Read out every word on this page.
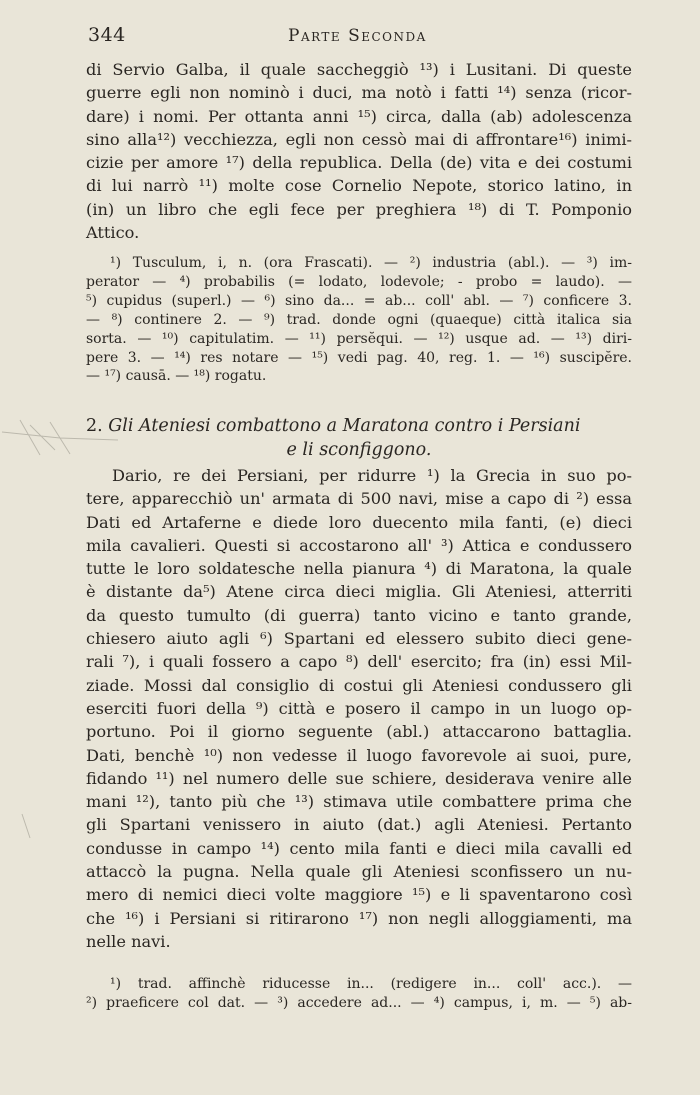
344	Parte Seconda
di Servio Galba, il quale saccheggiò ¹³) i Lusitani. Di queste
guerre egli non nominò i duci, ma notò i fatti ¹⁴) senza (ricor-
dare) i nomi. Per ottanta anni ¹⁵) circa, dalla (ab) adolescenza
sino alla¹²) vecchiezza, egli non cessò mai di affrontare¹⁶) inimi-
cizie per amore ¹⁷) della republica. Della (de) vita e dei costumi
di lui narrò ¹¹) molte cose Cornelio Nepote, storico latino, in
(in) un libro che egli fece per preghiera ¹⁸) di T. Pomponio
Attico.
¹) Tusculum, i, n. (ora Frascati). — ²) industria (abl.). — ³) im-
perator — ⁴) probabilis (= lodato, lodevole; - probo = laudo). —
⁵) cupidus (superl.) — ⁶) sino da... = ab... coll' abl. — ⁷) conficere 3.
— ⁸) continere 2. — ⁹) trad. donde ogni (quaeque) città italica sia
sorta. — ¹⁰) capitulatim. — ¹¹) persĕqui. — ¹²) usque ad. — ¹³) diri-
pere 3. — ¹⁴) res notare — ¹⁵) vedi pag. 40, reg. 1. — ¹⁶) suscipĕre.
— ¹⁷) causā. — ¹⁸) rogatu.
2. Gli Ateniesi combattono a Maratona contro i Persiani
e li sconfiggono.
Dario, re dei Persiani, per ridurre ¹) la Grecia in suo po-
tere, apparecchiò un' armata di 500 navi, mise a capo di ²) essa
Dati ed Artaferne e diede loro duecento mila fanti, (e) dieci
mila cavalieri. Questi si accostarono all' ³) Attica e condussero
tutte le loro soldatesche nella pianura ⁴) di Maratona, la quale
è distante da⁵) Atene circa dieci miglia. Gli Ateniesi, atterriti
da questo tumulto (di guerra) tanto vicino e tanto grande,
chiesero aiuto agli ⁶) Spartani ed elessero subito dieci gene-
rali ⁷), i quali fossero a capo ⁸) dell' esercito; fra (in) essi Mil-
ziade. Mossi dal consiglio di costui gli Ateniesi condussero gli
eserciti fuori della ⁹) città e posero il campo in un luogo op-
portuno. Poi il giorno seguente (abl.) attaccarono battaglia.
Dati, benchè ¹⁰) non vedesse il luogo favorevole ai suoi, pure,
fidando ¹¹) nel numero delle sue schiere, desiderava venire alle
mani ¹²), tanto più che ¹³) stimava utile combattere prima che
gli Spartani venissero in aiuto (dat.) agli Ateniesi. Pertanto
condusse in campo ¹⁴) cento mila fanti e dieci mila cavalli ed
attaccò la pugna. Nella quale gli Ateniesi sconfissero un nu-
mero di nemici dieci volte maggiore ¹⁵) e li spaventarono così
che ¹⁶) i Persiani si ritirarono ¹⁷) non negli alloggiamenti, ma
nelle navi.
¹) trad. affinchè riducesse in... (redigere in... coll' acc.). —
²) praeficere col dat. — ³) accedere ad... — ⁴) campus, i, m. — ⁵) ab-
